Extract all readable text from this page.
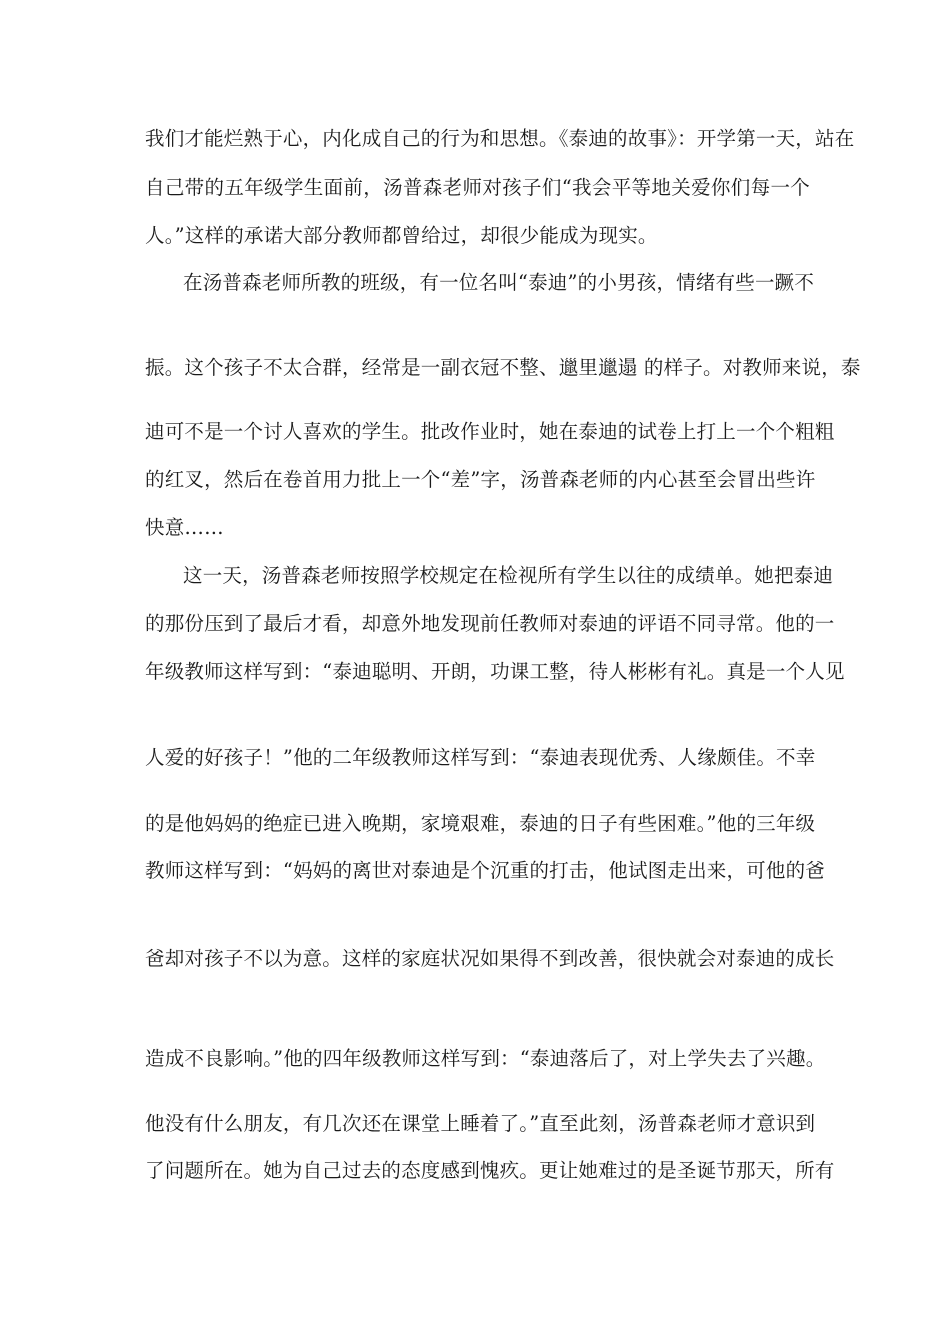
我们才能烂熟于心，内化成自己的行为和思想。《泰迪的故事》：开学第一天，站在
自己带的五年级学生面前，汤普森老师对孩子们“我会平等地关爱你们每一个
人。”这样的承诺大部分教师都曾给过，却很少能成为现实。
在汤普森老师所教的班级，有一位名叫“泰迪”的小男孩，情绪有些一蹶不
振。这个孩子不太合群，经常是一副衣冠不整、邋里邋遢 的样子。对教师来说，泰
迪可不是一个讨人喜欢的学生。批改作业时，她在泰迪的试卷上打上一个个粗粗
的红叉，然后在卷首用力批上一个“差”字，汤普森老师的内心甚至会冒出些许
快意……
这一天，汤普森老师按照学校规定在检视所有学生以往的成绩单。她把泰迪
的那份压到了最后才看，却意外地发现前任教师对泰迪的评语不同寻常。他的一
年级教师这样写到：“泰迪聪明、开朗，功课工整，待人彬彬有礼。真是一个人见
人爱的好孩子！”他的二年级教师这样写到：“泰迪表现优秀、人缘颇佳。不幸
的是他妈妈的绝症已进入晚期，家境艰难，泰迪的日子有些困难。”他的三年级
教师这样写到：“妈妈的离世对泰迪是个沉重的打击，他试图走出来，可他的爸
爸却对孩子不以为意。这样的家庭状况如果得不到改善，很快就会对泰迪的成长
造成不良影响。”他的四年级教师这样写到：“泰迪落后了，对上学失去了兴趣。
他没有什么朋友，有几次还在课堂上睡着了。”直至此刻，汤普森老师才意识到
了问题所在。她为自己过去的态度感到愧疚。更让她难过的是圣诞节那天，所有
